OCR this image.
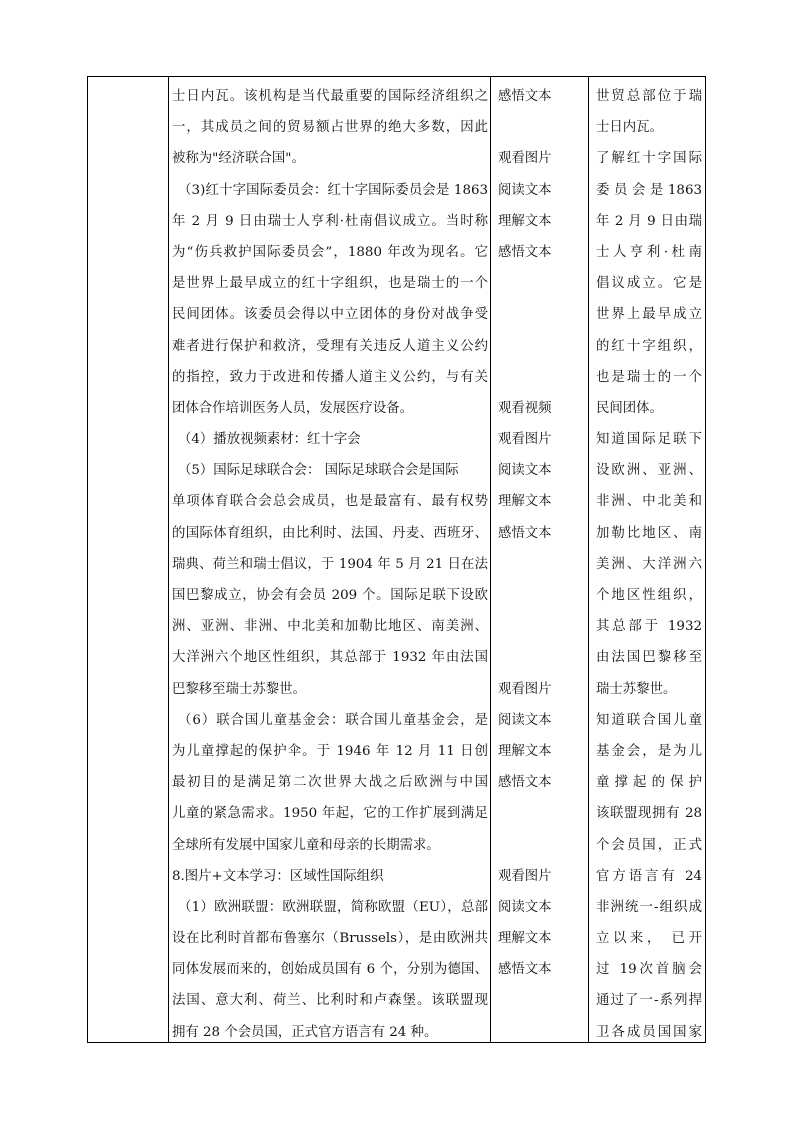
士日内瓦。该机构是当代最重要的国际经济组织之
一，其成员之间的贸易额占世界的绝大多数，因此
被称为"经济联合国"。
（3)红十字国际委员会：红十字国际委员会是 1863
年 2 月 9 日由瑞士人亨利·杜南倡议成立。当时称
为“伤兵救护国际委员会”，1880 年改为现名。它
是世界上最早成立的红十字组织，也是瑞士的一个
民间团体。该委员会得以中立团体的身份对战争受
难者进行保护和救济，受理有关违反人道主义公约
的指控，致力于改进和传播人道主义公约，与有关
团体合作培训医务人员，发展医疗设备。
（4）播放视频素材：红十字会
（5）国际足球联合会： 国际足球联合会是国际
单项体育联合会总会成员，也是最富有、最有权势
的国际体育组织，由比利时、法国、丹麦、西班牙、
瑞典、荷兰和瑞士倡议，于 1904 年 5 月 21 日在法
国巴黎成立，协会有会员 209 个。国际足联下设欧
洲、亚洲、非洲、中北美和加勒比地区、南美洲、
大洋洲六个地区性组织，其总部于 1932 年由法国
巴黎移至瑞士苏黎世。
（6）联合国儿童基金会：联合国儿童基金会，是
为儿童撑起的保护伞。于 1946 年 12 月 11 日创
最初目的是满足第二次世界大战之后欧洲与中国
儿童的紧急需求。1950 年起，它的工作扩展到满足
全球所有发展中国家儿童和母亲的长期需求。
8.图片+文本学习：区域性国际组织
（1）欧洲联盟：欧洲联盟，简称欧盟（EU），总部
设在比利时首都布鲁塞尔（Brussels），是由欧洲共
同体发展而来的，创始成员国有 6 个，分别为德国、
法国、意大利、荷兰、比利时和卢森堡。该联盟现
拥有 28 个会员国，正式官方语言有 24 种。
感悟文本
观看图片
阅读文本
理解文本
感悟文本
观看视频
观看图片
阅读文本
理解文本
感悟文本
观看图片
阅读文本
理解文本
感悟文本
观看图片
阅读文本
理解文本
感悟文本
世贸总部位于瑞
士日内瓦。
了解红十字国际
委 员 会 是 1863
年 2 月 9 日由瑞
士人亨利·杜南
倡议成立。它是
世界上最早成立
的红十字组织，
也是瑞士的一个
民间团体。
知道国际足联下
设欧洲、亚洲、
非洲、中北美和
加勒比地区、南
美洲、大洋洲六
个地区性组织，
其总部于 1932
由法国巴黎移至
瑞士苏黎世。
知道联合国儿童
基金会，是为儿
童撑起的保护
该联盟现拥有 28
个会员国，正式
官方语言有 24
非洲统一-组织成
立以来， 已开
过 19次首脑会
通过了一-系列捍
卫各成员国国家
